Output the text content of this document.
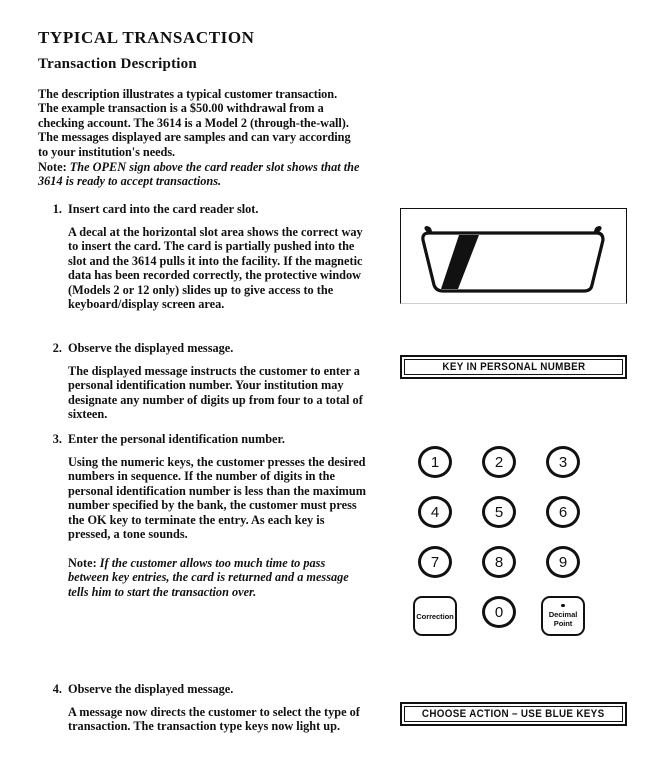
TYPICAL TRANSACTION
Transaction Description
The description illustrates a typical customer transaction. The example transaction is a $50.00 withdrawal from a checking account. The 3614 is a Model 2 (through-the-wall). The messages displayed are samples and can vary according to your institution's needs.
Note: The OPEN sign above the card reader slot shows that the 3614 is ready to accept transactions.
1. Insert card into the card reader slot.
A decal at the horizontal slot area shows the correct way to insert the card. The card is partially pushed into the slot and the 3614 pulls it into the facility. If the magnetic data has been recorded correctly, the protective window (Models 2 or 12 only) slides up to give access to the keyboard/display screen area.
2. Observe the displayed message.
The displayed message instructs the customer to enter a personal identification number. Your institution may designate any number of digits up from four to a total of sixteen.
KEY IN PERSONAL NUMBER
3. Enter the personal identification number.
Using the numeric keys, the customer presses the desired numbers in sequence. If the number of digits in the personal identification number is less than the maximum number specified by the bank, the customer must press the OK key to terminate the entry. As each key is pressed, a tone sounds.
Note: If the customer allows too much time to pass between key entries, the card is returned and a message tells him to start the transaction over.
1	2	3
4	5	6
7	8	9
Correction	0	Decimal
Point
4. Observe the displayed message.
A message now directs the customer to select the type of transaction. The transaction type keys now light up.
CHOOSE ACTION – USE BLUE KEYS
